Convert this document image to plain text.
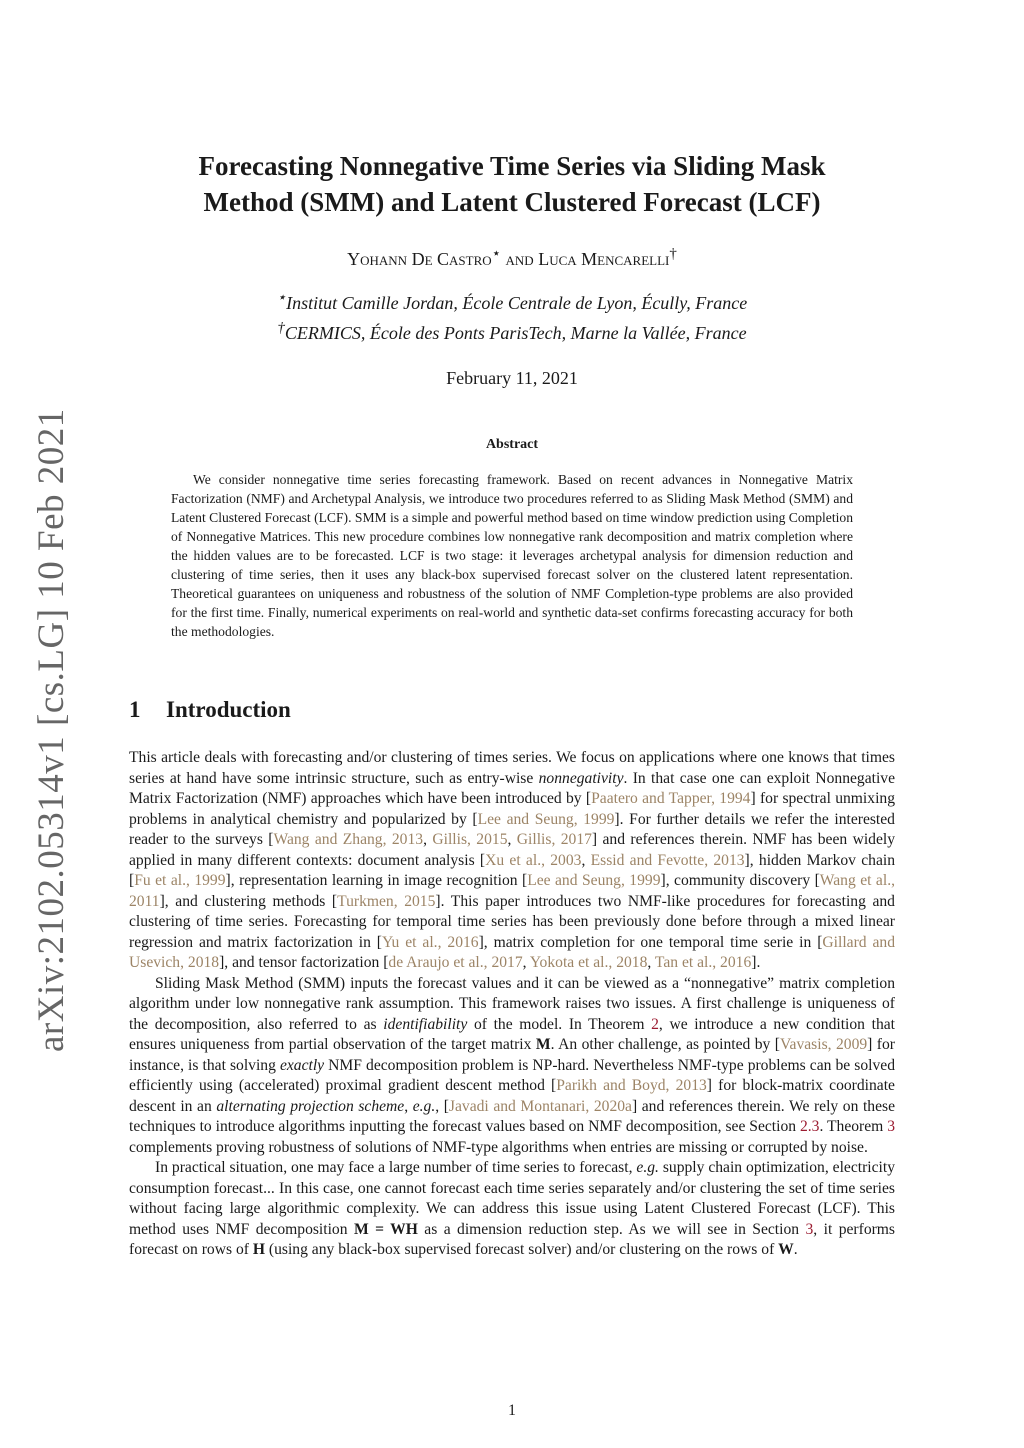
arXiv:2102.05314v1 [cs.LG] 10 Feb 2021
Forecasting Nonnegative Time Series via Sliding Mask
Method (SMM) and Latent Clustered Forecast (LCF)
Yohann De Castro⋆ and Luca Mencarelli†
⋆Institut Camille Jordan, École Centrale de Lyon, Écully, France
†CERMICS, École des Ponts ParisTech, Marne la Vallée, France
February 11, 2021
Abstract

We consider nonnegative time series forecasting framework. Based on recent advances in Nonnegative Matrix Factorization (NMF) and Archetypal Analysis, we introduce two procedures referred to as Sliding Mask Method (SMM) and Latent Clustered Forecast (LCF). SMM is a simple and powerful method based on time window prediction using Completion of Nonnegative Matrices. This new procedure combines low nonnegative rank decomposition and matrix completion where the hidden values are to be forecasted. LCF is two stage: it leverages archetypal analysis for dimension reduction and clustering of time series, then it uses any black-box supervised forecast solver on the clustered latent representation. Theoretical guarantees on uniqueness and robustness of the solution of NMF Completion-type problems are also provided for the first time. Finally, numerical experiments on real-world and synthetic data-set confirms forecasting accuracy for both the methodologies.

1 Introduction

This article deals with forecasting and/or clustering of times series. We focus on applications where one knows that times series at hand have some intrinsic structure, such as entry-wise nonnegativity. In that case one can exploit Nonnegative Matrix Factorization (NMF) approaches which have been introduced by [Paatero and Tapper, 1994] for spectral unmixing problems in analytical chemistry and popularized by [Lee and Seung, 1999]. For further details we refer the interested reader to the surveys [Wang and Zhang, 2013, Gillis, 2015, Gillis, 2017] and references therein. NMF has been widely applied in many different contexts: document analysis [Xu et al., 2003, Essid and Fevotte, 2013], hidden Markov chain [Fu et al., 1999], representation learning in image recognition [Lee and Seung, 1999], community discovery [Wang et al., 2011], and clustering methods [Turkmen, 2015]. This paper introduces two NMF-like procedures for forecasting and clustering of time series. Forecasting for temporal time series has been previously done before through a mixed linear regression and matrix factorization in [Yu et al., 2016], matrix completion for one temporal time serie in [Gillard and Usevich, 2018], and tensor factorization [de Araujo et al., 2017, Yokota et al., 2018, Tan et al., 2016].

Sliding Mask Method (SMM) inputs the forecast values and it can be viewed as a “nonnegative” matrix completion algorithm under low nonnegative rank assumption. This framework raises two issues. A first challenge is uniqueness of the decomposition, also referred to as identifiability of the model. In Theorem 2, we introduce a new condition that ensures uniqueness from partial observation of the target matrix M. An other challenge, as pointed by [Vavasis, 2009] for instance, is that solving exactly NMF decomposition problem is NP-hard. Nevertheless NMF-type problems can be solved efficiently using (accelerated) proximal gradient descent method [Parikh and Boyd, 2013] for block-matrix coordinate descent in an alternating projection scheme, e.g., [Javadi and Montanari, 2020a] and references therein. We rely on these techniques to introduce algorithms inputting the forecast values based on NMF decomposition, see Section 2.3. Theorem 3 complements proving robustness of solutions of NMF-type algorithms when entries are missing or corrupted by noise.

In practical situation, one may face a large number of time series to forecast, e.g. supply chain optimization, electricity consumption forecast... In this case, one cannot forecast each time series separately and/or clustering the set of time series without facing large algorithmic complexity. We can address this issue using Latent Clustered Forecast (LCF). This method uses NMF decomposition M = WH as a dimension reduction step. As we will see in Section 3, it performs forecast on rows of H (using any black-box supervised forecast solver) and/or clustering on the rows of W.

1
